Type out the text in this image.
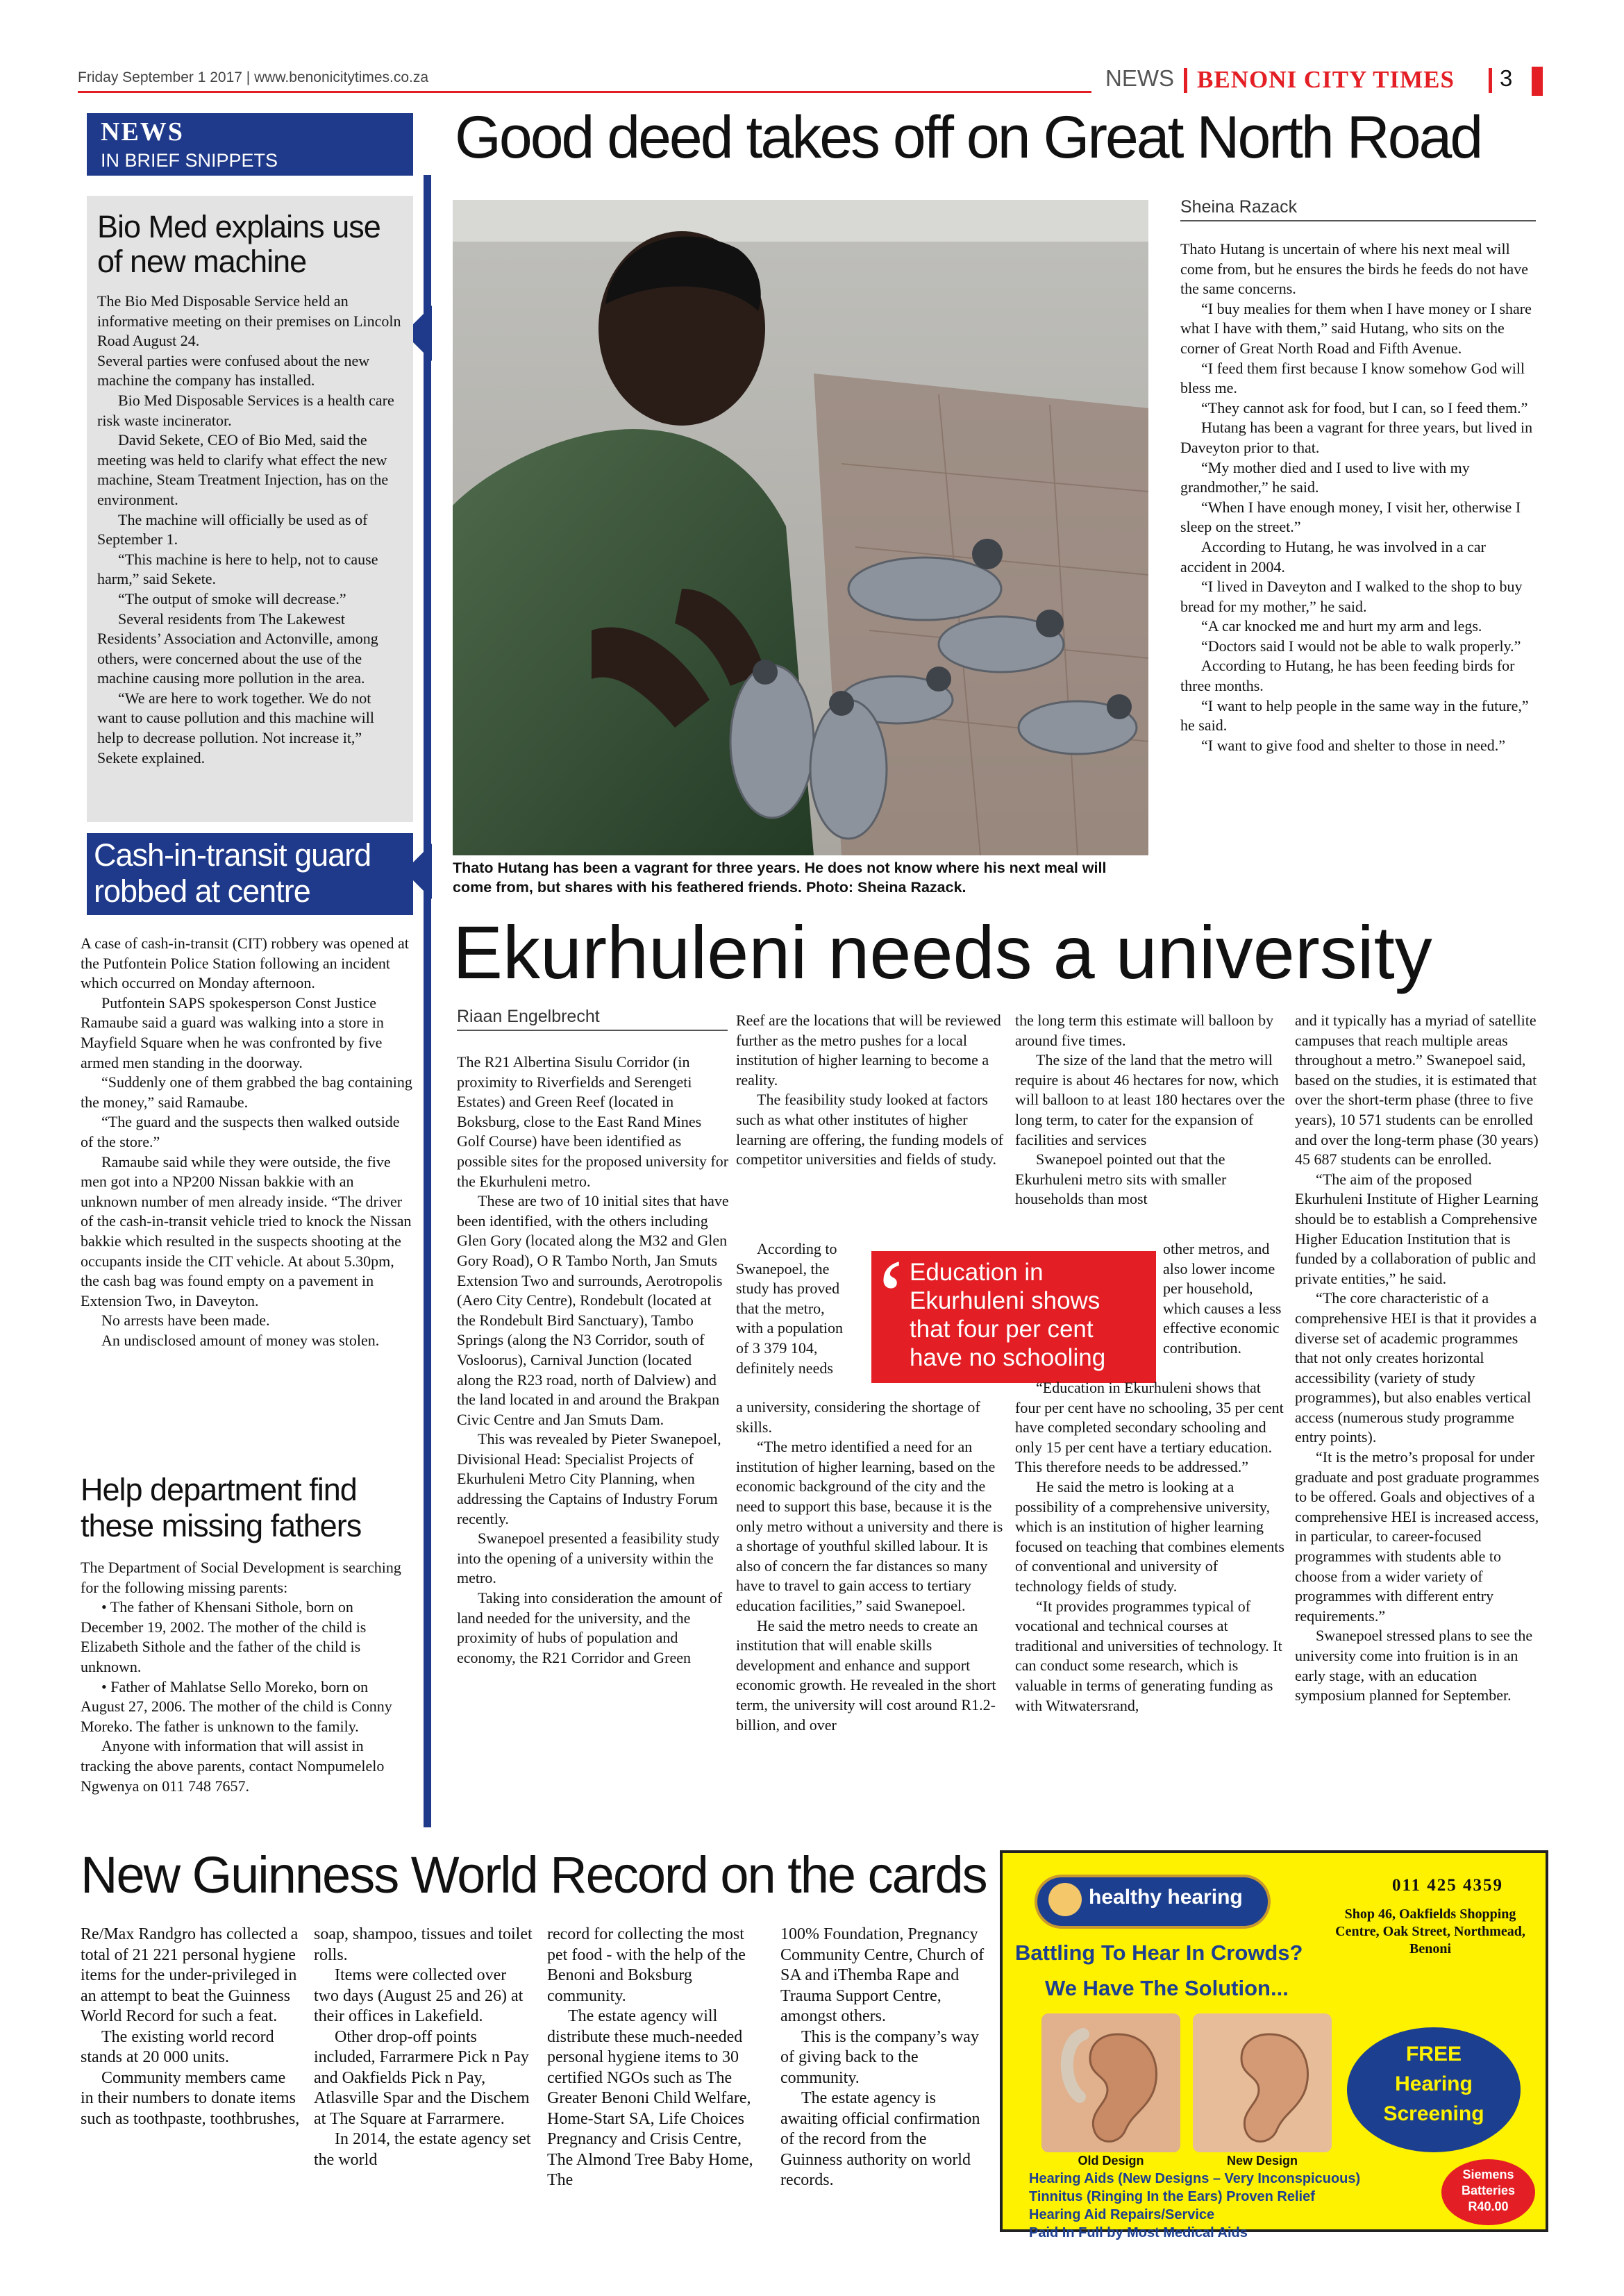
Friday September 1 2017 | www.benonicitytimes.co.za	NEWS BENONI CITY TIMES 3
NEWS
IN BRIEF SNIPPETS
Bio Med explains use of new machine

The Bio Med Disposable Service held an informative meeting on their premises on Lincoln Road August 24.

Several parties were confused about the new machine the company has installed.

Bio Med Disposable Services is a health care risk waste incinerator.

David Sekete, CEO of Bio Med, said the meeting was held to clarify what effect the new machine, Steam Treatment Injection, has on the environment.

The machine will officially be used as of September 1.

“This machine is here to help, not to cause harm,” said Sekete.

“The output of smoke will decrease.”

Several residents from The Lakewest Residents’ Association and Actonville, among others, were concerned about the use of the machine causing more pollution in the area.

“We are here to work together. We do not want to cause pollution and this machine will help to decrease pollution. Not increase it,” Sekete explained.

Cash-in-transit guard robbed at centre

A case of cash-in-transit (CIT) robbery was opened at the Putfontein Police Station following an incident which occurred on Monday afternoon.

Putfontein SAPS spokesperson Const Justice Ramaube said a guard was walking into a store in Mayfield Square when he was confronted by five armed men standing in the doorway.

“Suddenly one of them grabbed the bag containing the money,” said Ramaube.

“The guard and the suspects then walked outside of the store.”

Ramaube said while they were outside, the five men got into a NP200 Nissan bakkie with an unknown number of men already inside. “The driver of the cash-in-transit vehicle tried to knock the Nissan bakkie which resulted in the suspects shooting at the occupants inside the CIT vehicle. At about 5.30pm, the cash bag was found empty on a pavement in Extension Two, in Daveyton.

No arrests have been made.

An undisclosed amount of money was stolen.

Help department find these missing fathers

The Department of Social Development is searching for the following missing parents:

• The father of Khensani Sithole, born on December 19, 2002. The mother of the child is Elizabeth Sithole and the father of the child is unknown.

• Father of Mahlatse Sello Moreko, born on August 27, 2006. The mother of the child is Conny Moreko. The father is unknown to the family.

Anyone with information that will assist in tracking the above parents, contact Nompumelelo Ngwenya on 011 748 7657.

Good deed takes off on Great North Road
Thato Hutang has been a vagrant for three years. He does not know where his next meal will come from, but shares with his feathered friends. Photo: Sheina Razack.
Sheina Razack

Thato Hutang is uncertain of where his next meal will come from, but he ensures the birds he feeds do not have the same concerns.

“I buy mealies for them when I have money or I share what I have with them,” said Hutang, who sits on the corner of Great North Road and Fifth Avenue.

“I feed them first because I know somehow God will bless me.

“They cannot ask for food, but I can, so I feed them.”

Hutang has been a vagrant for three years, but lived in Daveyton prior to that.

“My mother died and I used to live with my grandmother,” he said.

“When I have enough money, I visit her, otherwise I sleep on the street.”

According to Hutang, he was involved in a car accident in 2004.

“I lived in Daveyton and I walked to the shop to buy bread for my mother,” he said.

“A car knocked me and hurt my arm and legs.

“Doctors said I would not be able to walk properly.”

According to Hutang, he has been feeding birds for three months.

“I want to help people in the same way in the future,” he said.

“I want to give food and shelter to those in need.”

Ekurhuleni needs a university
Riaan Engelbrecht

The R21 Albertina Sisulu Corridor (in proximity to Riverfields and Serengeti Estates) and Green Reef (located in Boksburg, close to the East Rand Mines Golf Course) have been identified as possible sites for the proposed university for the Ekurhuleni metro.

These are two of 10 initial sites that have been identified, with the others including Glen Gory (located along the M32 and Glen Gory Road), O R Tambo North, Jan Smuts Extension Two and surrounds, Aerotropolis (Aero City Centre), Rondebult (located at the Rondebult Bird Sanctuary), Tambo Springs (along the N3 Corridor, south of Vosloorus), Carnival Junction (located along the R23 road, north of Dalview) and the land located in and around the Brakpan Civic Centre and Jan Smuts Dam.

This was revealed by Pieter Swanepoel, Divisional Head: Specialist Projects of Ekurhuleni Metro City Planning, when addressing the Captains of Industry Forum recently.

Swanepoel presented a feasibility study into the opening of a university within the metro.

Taking into consideration the amount of land needed for the university, and the proximity of hubs of population and economy, the R21 Corridor and Green

Reef are the locations that will be reviewed further as the metro pushes for a local institution of higher learning to become a reality.

The feasibility study looked at factors such as what other institutes of higher learning are offering, the funding models of competitor universities and fields of study.

According to Swanepoel, the study has proved that the metro, with a population of 3 379 104, definitely needs

a university, considering the shortage of skills.

“The metro identified a need for an institution of higher learning, based on the economic background of the city and the need to support this base, because it is the only metro without a university and there is a shortage of youthful skilled labour. It is also of concern the far distances so many have to travel to gain access to tertiary education facilities,” said Swanepoel.

He said the metro needs to create an institution that will enable skills development and enhance and support economic growth. He revealed in the short term, the university will cost around R1.2-billion, and over

‘ Education in Ekurhuleni shows that four per cent have no schooling

the long term this estimate will balloon by around five times.

The size of the land that the metro will require is about 46 hectares for now, which will balloon to at least 180 hectares over the long term, to cater for the expansion of facilities and services

Swanepoel pointed out that the Ekurhuleni metro sits with smaller households than most

other metros, and also lower income per household, which causes a less effective economic contribution.

“Education in Ekurhuleni shows that four per cent have no schooling, 35 per cent have completed secondary schooling and only 15 per cent have a tertiary education. This therefore needs to be addressed.”

He said the metro is looking at a possibility of a comprehensive university, which is an institution of higher learning focused on teaching that combines elements of conventional and university of technology fields of study.

“It provides programmes typical of vocational and technical courses at traditional and universities of technology. It can conduct some research, which is valuable in terms of generating funding as with Witwatersrand,

and it typically has a myriad of satellite campuses that reach multiple areas throughout a metro.” Swanepoel said, based on the studies, it is estimated that over the short-term phase (three to five years), 10 571 students can be enrolled and over the long-term phase (30 years) 45 687 students can be enrolled.

“The aim of the proposed Ekurhuleni Institute of Higher Learning should be to establish a Comprehensive Higher Education Institution that is funded by a collaboration of public and private entities,” he said.

“The core characteristic of a comprehensive HEI is that it provides a diverse set of academic programmes that not only creates horizontal accessibility (variety of study programmes), but also enables vertical access (numerous study programme entry points).

“It is the metro’s proposal for under graduate and post graduate programmes to be offered. Goals and objectives of a comprehensive HEI is increased access, in particular, to career-focused programmes with students able to choose from a wider variety of programmes with different entry requirements.”

Swanepoel stressed plans to see the university come into fruition is in an early stage, with an education symposium planned for September.

New Guinness World Record on the cards

Re/Max Randgro has collected a total of 21 221 personal hygiene items for the under-privileged in an attempt to beat the Guinness World Record for such a feat.

The existing world record stands at 20 000 units.

Community members came in their numbers to donate items such as toothpaste, toothbrushes,

soap, shampoo, tissues and toilet rolls.

Items were collected over two days (August 25 and 26) at their offices in Lakefield.

Other drop-off points included, Farrarmere Pick n Pay and Oakfields Pick n Pay, Atlasville Spar and the Dischem at The Square at Farrarmere.

In 2014, the estate agency set the world

record for collecting the most pet food - with the help of the Benoni and Boksburg community.

The estate agency will distribute these much-needed personal hygiene items to 30 certified NGOs such as The Greater Benoni Child Welfare, Home-Start SA, Life Choices Pregnancy and Crisis Centre, The Almond Tree Baby Home, The

100% Foundation, Pregnancy Community Centre, Church of SA and iThemba Rape and Trauma Support Centre, amongst others.

This is the company’s way of giving back to the community.

The estate agency is awaiting official confirmation of the record from the Guinness authority on world records.

healthy hearing
011 425 4359
Shop 46, Oakfields Shopping Centre, Oak Street, Northmead, Benoni
Battling To Hear In Crowds?
We Have The Solution...
Old Design	New Design
FREE
Hearing
Screening
Hearing Aids (New Designs – Very Inconspicuous)
Tinnitus (Ringing In the Ears) Proven Relief
Hearing Aid Repairs/Service
Paid In Full by Most Medical Aids
Siemens
Batteries
R40.00
